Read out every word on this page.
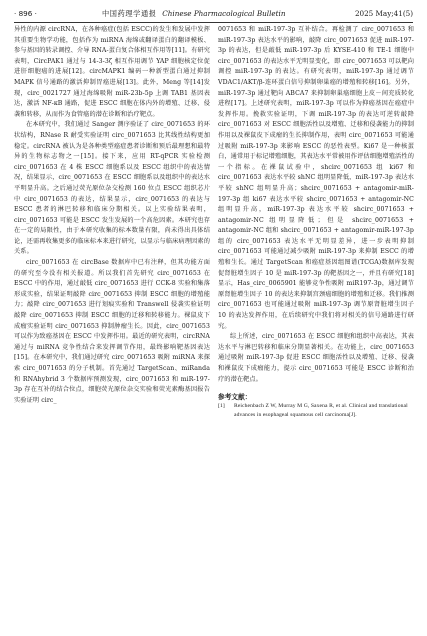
· 896 ·	中国药理学通报 Chinese Pharmacological Bulletin	2025 May;41(5)

异性的内源 circRNA，在各种癌症(包括 ESCC)的发生和发展中发挥其重要生物学功能，包括作为 miRNA 海绵或翻译蛋白的翻译模板、参与基因的转录调控、介导 RNA-蛋白复合体相互作用等[11]。有研究表明，CircPAK1 通过与 14-3-3ζ 相互作用调节 YAP 细胞核定位促进肝细胞癌的进展[12]。circMAPK1 编码一种新型蛋白通过抑制 MAPK 信号通路的激活抑制胃癌进展[13]。此外，Meng 等[14]发现，circ_0021727 通过海绵吸附 miR-23b-5p 上调 TAB1 基因表达，激活 NF-κB 通路，促进 ESCC 细胞在体内外的增殖、迁移、侵袭和转移，从而作为食管癌的潜在诊断和治疗靶点。

在本研究中，我们通过 Sanger 测序验证了 circ_0071653 的环状结构，RNase R 耐受实验证明 circ_0071653 比其线性结构更加稳定。circRNA 被认为是各种类型癌症患者诊断和预后最理想和最特异的生物标志物之一[15]。接下来，应用 RT-qPCR 实验检测 circ_0071653 在 4 株 ESCC 细胞系以及 ESCC 组织中的表达情况，结果显示，circ_0071653 在 ESCC 细胞系以及组织中的表达水平明显升高。之后通过荧光原位杂交检测 160 位点 ESCC 组织芯片中 circ_0071653 的表达，结果显示，circ_0071653 的表达与 ESCC 患者的淋巴转移和临床分期相关。以上实验结果表明，circ_0071653 可能是 ESCC 发生发展的一个高危因素。本研究也存在一定的局限性，由于本研究收集的标本数量有限，尚未得出具体结论，还需再收集更多的临床标本来进行研究，以显示与临床病理因素的关系。

circ_0071653 在 circBase 数据库中已有注释，但其功能方面的研究至今没有相关报道。所以我们首先研究 circ_0071653 在 ESCC 中的作用，通过敲低 circ_0071653 进行 CCK-8 实验和集落形成实验，结果证明敲降 circ_0071653 抑制 ESCC 细胞的增殖能力；敲降 circ_0071653 进行划痕实验和 Transwell 侵袭实验证明敲降 circ_0071653 抑制 ESCC 细胞的迁移和转移能力。裸鼠皮下成瘤实验证明 circ_0071653 抑制肿瘤生长。因此，circ_0071653 可以作为致癌基因在 ESCC 中发挥作用。最近的研究表明，circRNA 通过与 miRNA 竞争性结合来发挥调节作用，最终影响靶基因表达[15]。在本研究中，我们通过研究 circ_0071653 吸附 miRNA 来探索 circ_0071653 的分子机制。首先通过 TargetScan、miRanda 和 RNAhybrid 3 个数据库预测发现，circ_0071653 和 miR-197-3p 存在互补的结合位点，细胞荧光原位杂交实验和荧光素酶基因报告实验证明 circ_

0071653 和 miR-197-3p 互补结合。再检测了 circ_0071653 和 miR-197-3p 表达水平的影响，敲降 circ_0071653 促进 miR-197-3p 的表达，但是敲低 miR-197-3p 后 KYSE-410 和 TE-1 细胞中 circ_0071653 的表达水平无明显变化，即 circ_0071653 可以靶向调控 miR-197-3p 的表达。有研究表明，miR-197-3p 通过调节 VDAC1/AKT/β-连环蛋白信号抑制卵巢癌的增殖和转移[16]。另外，miR-197-3p 通过靶向 ABCA7 来抑制卵巢癌细胞上皮－间充质转化进程[17]。上述研究表明，miR-197-3p 可以作为抑癌基因在癌症中发挥作用。挽救实验证明，下调 miR-197-3p 的表达可逆转敲降 circ_0071653 对 ESCC 细胞活性以及增殖、迁移和侵袭能力的抑制作用以及裸鼠皮下成瘤的生长抑制作用，表明 circ_0071653 可能通过吸附 miR-197-3p 来影响 ESCC 的恶性表型。Ki67 是一种核蛋白，通常用于标记增殖细胞，其表达水平常被用作评估细胞增殖活性的一个指标。在裸鼠试验中，shcirc_0071653 组 ki67 和 circ_0071653 表达水平较 shNC 组明显降低，miR-197-3p 表达水平较 shNC 组明显升高；shcirc_0071653 + antagomir-miR-197-3p 组 ki67 表达水平较 shcirc_0071653 + antagomir-NC 组明显升高，miR-197-3p 表达水平较 shcirc_0071653 + antagomir-NC 组明显降低；但是 shcirc_0071653 + antagomir-NC 组和 shcirc_0071653 + antagomir-miR-197-3p 组的 circ_0071653 表达水平无明显差异，进一步表明抑制 circ_0071653 可能通过减少吸附 miR-197-3p 来抑制 ESCC 的增殖和生长。通过 TargetScan 和癌症基因组图谱(TCGA)数据库发现促肾脏增生因子 10 是 miR-197-3p 的靶基因之一，并且有研究[18]显示，Has_circ_0065901 能够竞争性吸附 miR197-3p，通过调节原肾脏增生因子 10 的表达来抑制宫颈癌细胞的增殖和迁移。我们推测 circ_0071653 也可能通过吸附 miR-197-3p 调节原肾脏增生因子 10 的表达发挥作用，在后续研究中我们将对相关的信号通路进行研究。

综上所述，circ_0071653 在 ESCC 细胞和组织中高表达，其表达水平与淋巴转移和临床分期显著相关。在功能上，circ_0071653 通过吸附 miR-197-3p 促进 ESCC 细胞活性以及增殖、迁移、侵袭和裸鼠皮下成瘤能力，提示 circ_0071653 可能是 ESCC 诊断和治疗的潜在靶点。

参考文献：
[1] Reichenbach Z W, Murray M G, Saxena R, et al. Clinical and translational advances in esophageal squamous cell carcinoma[J].
